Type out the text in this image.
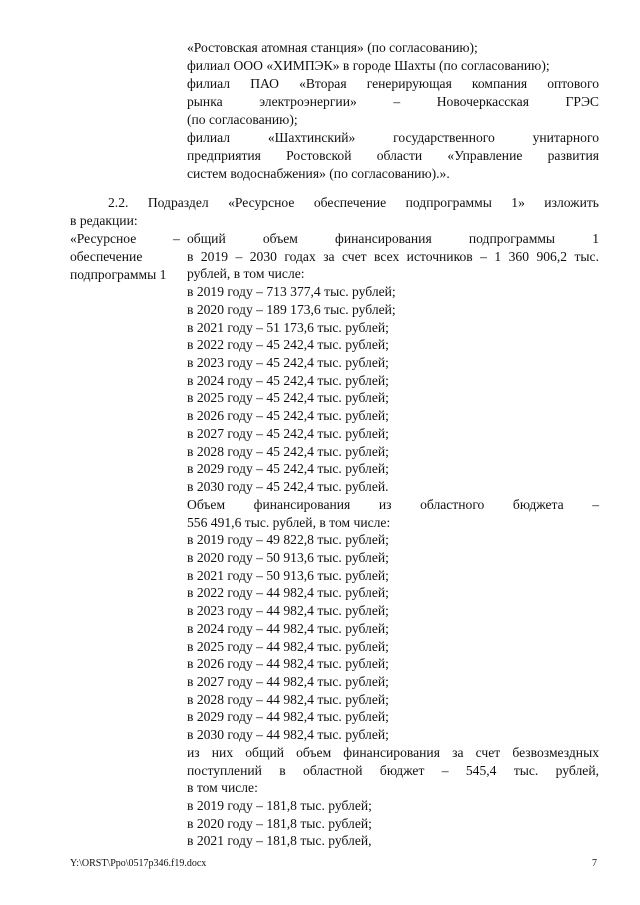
«Ростовская атомная станция» (по согласованию);
филиал ООО «ХИМПЭК» в городе Шахты (по согласованию);
филиал ПАО «Вторая генерирующая компания оптового
рынка электроэнергии» – Новочеркасская ГРЭС
(по согласованию);
филиал «Шахтинский» государственного унитарного
предприятия Ростовской области «Управление развития
систем водоснабжения» (по согласованию).».
2.2. Подраздел «Ресурсное обеспечение подпрограммы 1» изложить
в редакции:
«Ресурсное	–
обеспечение
подпрограммы 1
общий объем финансирования подпрограммы 1
в 2019 – 2030 годах за счет всех источников – 1 360 906,2 тыс.
рублей, в том числе:
в 2019 году – 713 377,4 тыс. рублей;
в 2020 году – 189 173,6 тыс. рублей;
в 2021 году – 51 173,6 тыс. рублей;
в 2022 году – 45 242,4 тыс. рублей;
в 2023 году – 45 242,4 тыс. рублей;
в 2024 году – 45 242,4 тыс. рублей;
в 2025 году – 45 242,4 тыс. рублей;
в 2026 году – 45 242,4 тыс. рублей;
в 2027 году – 45 242,4 тыс. рублей;
в 2028 году – 45 242,4 тыс. рублей;
в 2029 году – 45 242,4 тыс. рублей;
в 2030 году – 45 242,4 тыс. рублей.
Объем финансирования из областного бюджета –
556 491,6 тыс. рублей, в том числе:
в 2019 году – 49 822,8 тыс. рублей;
в 2020 году – 50 913,6 тыс. рублей;
в 2021 году – 50 913,6 тыс. рублей;
в 2022 году – 44 982,4 тыс. рублей;
в 2023 году – 44 982,4 тыс. рублей;
в 2024 году – 44 982,4 тыс. рублей;
в 2025 году – 44 982,4 тыс. рублей;
в 2026 году – 44 982,4 тыс. рублей;
в 2027 году – 44 982,4 тыс. рублей;
в 2028 году – 44 982,4 тыс. рублей;
в 2029 году – 44 982,4 тыс. рублей;
в 2030 году – 44 982,4 тыс. рублей;
из них общий объем финансирования за счет безвозмездных
поступлений в областной бюджет – 545,4 тыс. рублей,
в том числе:
в 2019 году – 181,8 тыс. рублей;
в 2020 году – 181,8 тыс. рублей;
в 2021 году – 181,8 тыс. рублей,
Y:\ORST\Ppo\0517p346.f19.docx	7
